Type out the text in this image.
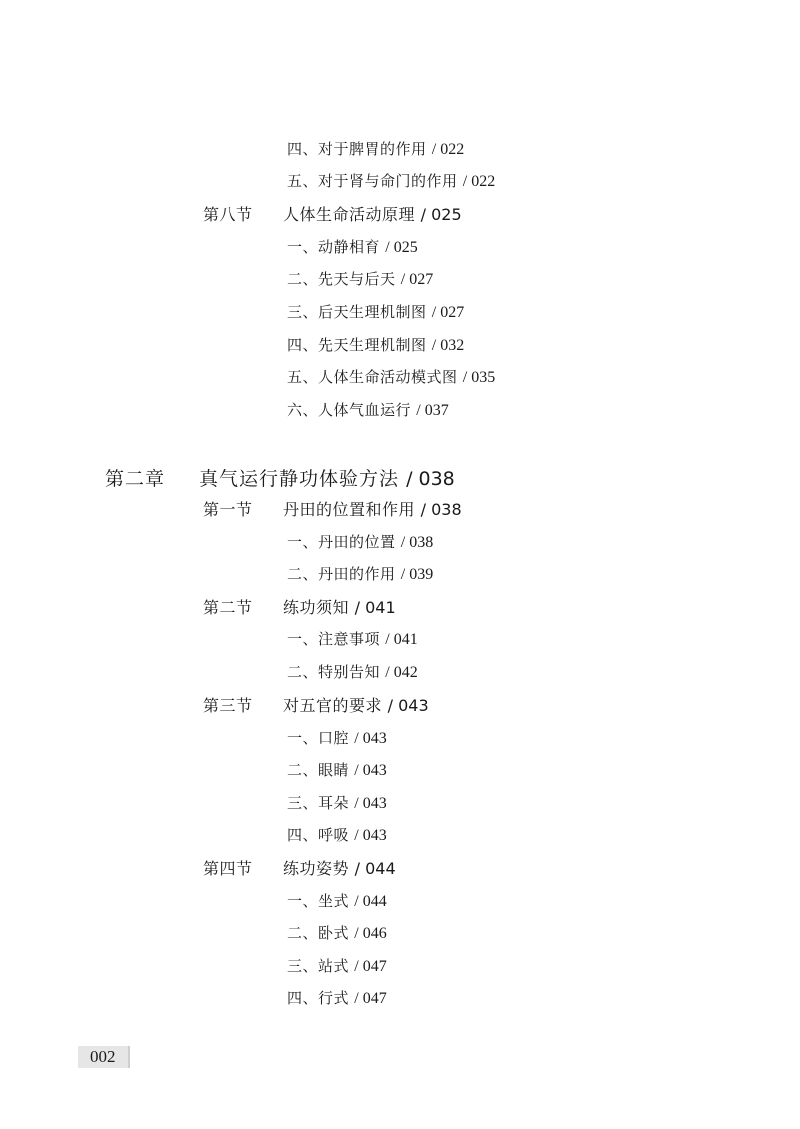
四、对于脾胃的作用 / 022
五、对于肾与命门的作用 / 022
第八节 人体生命活动原理 / 025
一、动静相育 / 025
二、先天与后天 / 027
三、后天生理机制图 / 027
四、先天生理机制图 / 032
五、人体生命活动模式图 / 035
六、人体气血运行 / 037
第二章 真气运行静功体验方法 / 038
第一节 丹田的位置和作用 / 038
一、丹田的位置 / 038
二、丹田的作用 / 039
第二节 练功须知 / 041
一、注意事项 / 041
二、特别告知 / 042
第三节 对五官的要求 / 043
一、口腔 / 043
二、眼睛 / 043
三、耳朵 / 043
四、呼吸 / 043
第四节 练功姿势 / 044
一、坐式 / 044
二、卧式 / 046
三、站式 / 047
四、行式 / 047
002
